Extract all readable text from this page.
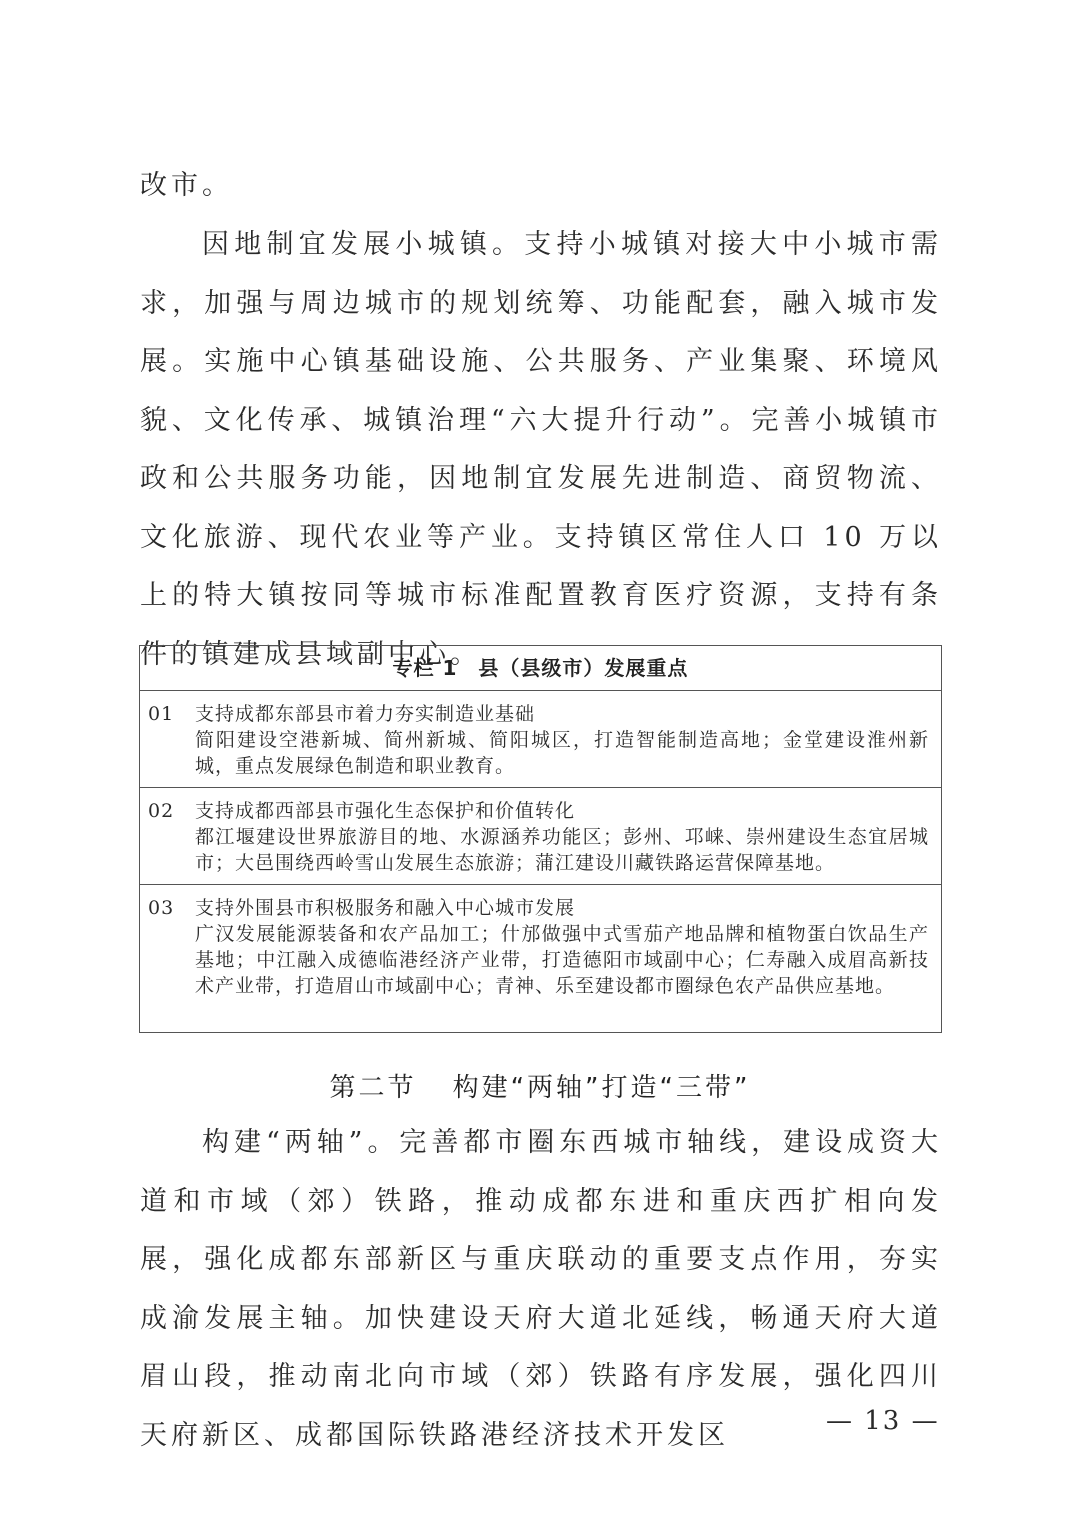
改市。

因地制宜发展小城镇。支持小城镇对接大中小城市需求，加强与周边城市的规划统筹、功能配套，融入城市发展。实施中心镇基础设施、公共服务、产业集聚、环境风貌、文化传承、城镇治理“六大提升行动”。完善小城镇市政和公共服务功能，因地制宜发展先进制造、商贸物流、文化旅游、现代农业等产业。支持镇区常住人口 10 万以上的特大镇按同等城市标准配置教育医疗资源，支持有条件的镇建成县域副中心。

专栏 1　县（县级市）发展重点
01 支持成都东部县市着力夯实制造业基础
简阳建设空港新城、简州新城、简阳城区，打造智能制造高地；金堂建设淮州新城，重点发展绿色制造和职业教育。
02 支持成都西部县市强化生态保护和价值转化
都江堰建设世界旅游目的地、水源涵养功能区；彭州、邛崃、崇州建设生态宜居城市；大邑围绕西岭雪山发展生态旅游；蒲江建设川藏铁路运营保障基地。
03 支持外围县市积极服务和融入中心城市发展
广汉发展能源装备和农产品加工；什邡做强中式雪茄产地品牌和植物蛋白饮品生产基地；中江融入成德临港经济产业带，打造德阳市域副中心；仁寿融入成眉高新技术产业带，打造眉山市域副中心；青神、乐至建设都市圈绿色农产品供应基地。
第二节 构建“两轴”打造“三带”

构建“两轴”。完善都市圈东西城市轴线，建设成资大道和市域（郊）铁路，推动成都东进和重庆西扩相向发展，强化成都东部新区与重庆联动的重要支点作用，夯实成渝发展主轴。加快建设天府大道北延线，畅通天府大道眉山段，推动南北向市域（郊）铁路有序发展，强化四川天府新区、成都国际铁路港经济技术开发区	— 13 —
